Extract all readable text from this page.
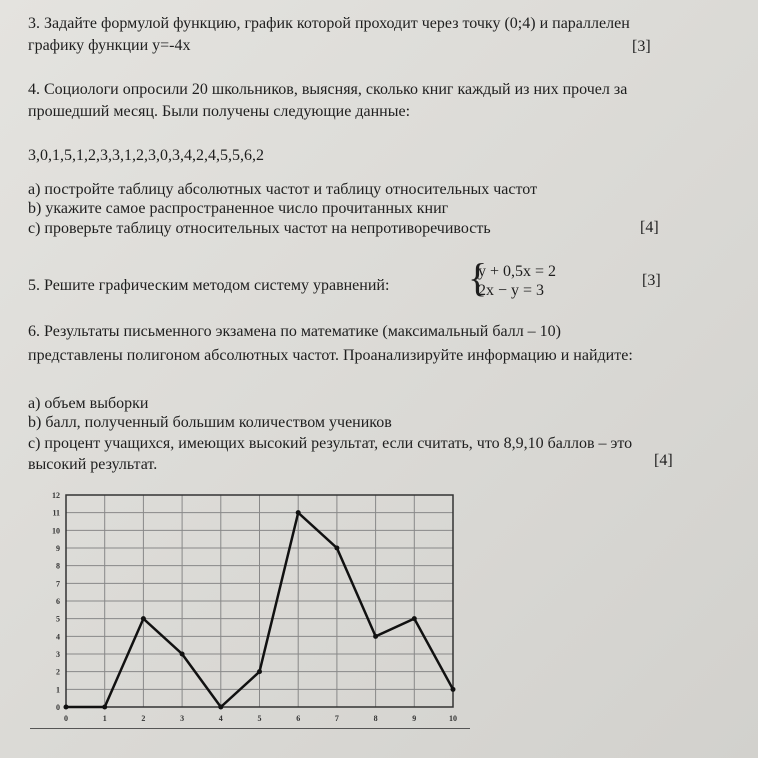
3. Задайте формулой функцию, график которой проходит через точку (0;4) и параллелен
графику функции y=-4x	[3]
4. Социологи опросили 20 школьников, выясняя, сколько книг каждый из них прочел за
прошедший месяц. Были получены следующие данные:
3,0,1,5,1,2,3,3,1,2,3,0,3,4,2,4,5,5,6,2
a) постройте таблицу абсолютных частот и таблицу относительных частот
b) укажите самое распространенное число прочитанных книг
c) проверьте таблицу относительных частот на непротиворечивость	[4]
5. Решите графическим методом систему уравнений: {
y + 0,5x = 2
2x − y = 3
[3]
6. Результаты письменного экзамена по математике (максимальный балл – 10)
представлены полигоном абсолютных частот. Проанализируйте информацию и найдите:
a) объем выборки
b) балл, полученный большим количеством учеников
c) процент учащихся, имеющих высокий результат, если считать, что 8,9,10 баллов – это
высокий результат.	[4]
0
1
2
3
4
5
6
7
8
9
10
11
12
0	1	2	3	4	5	6	7	8	9	10
